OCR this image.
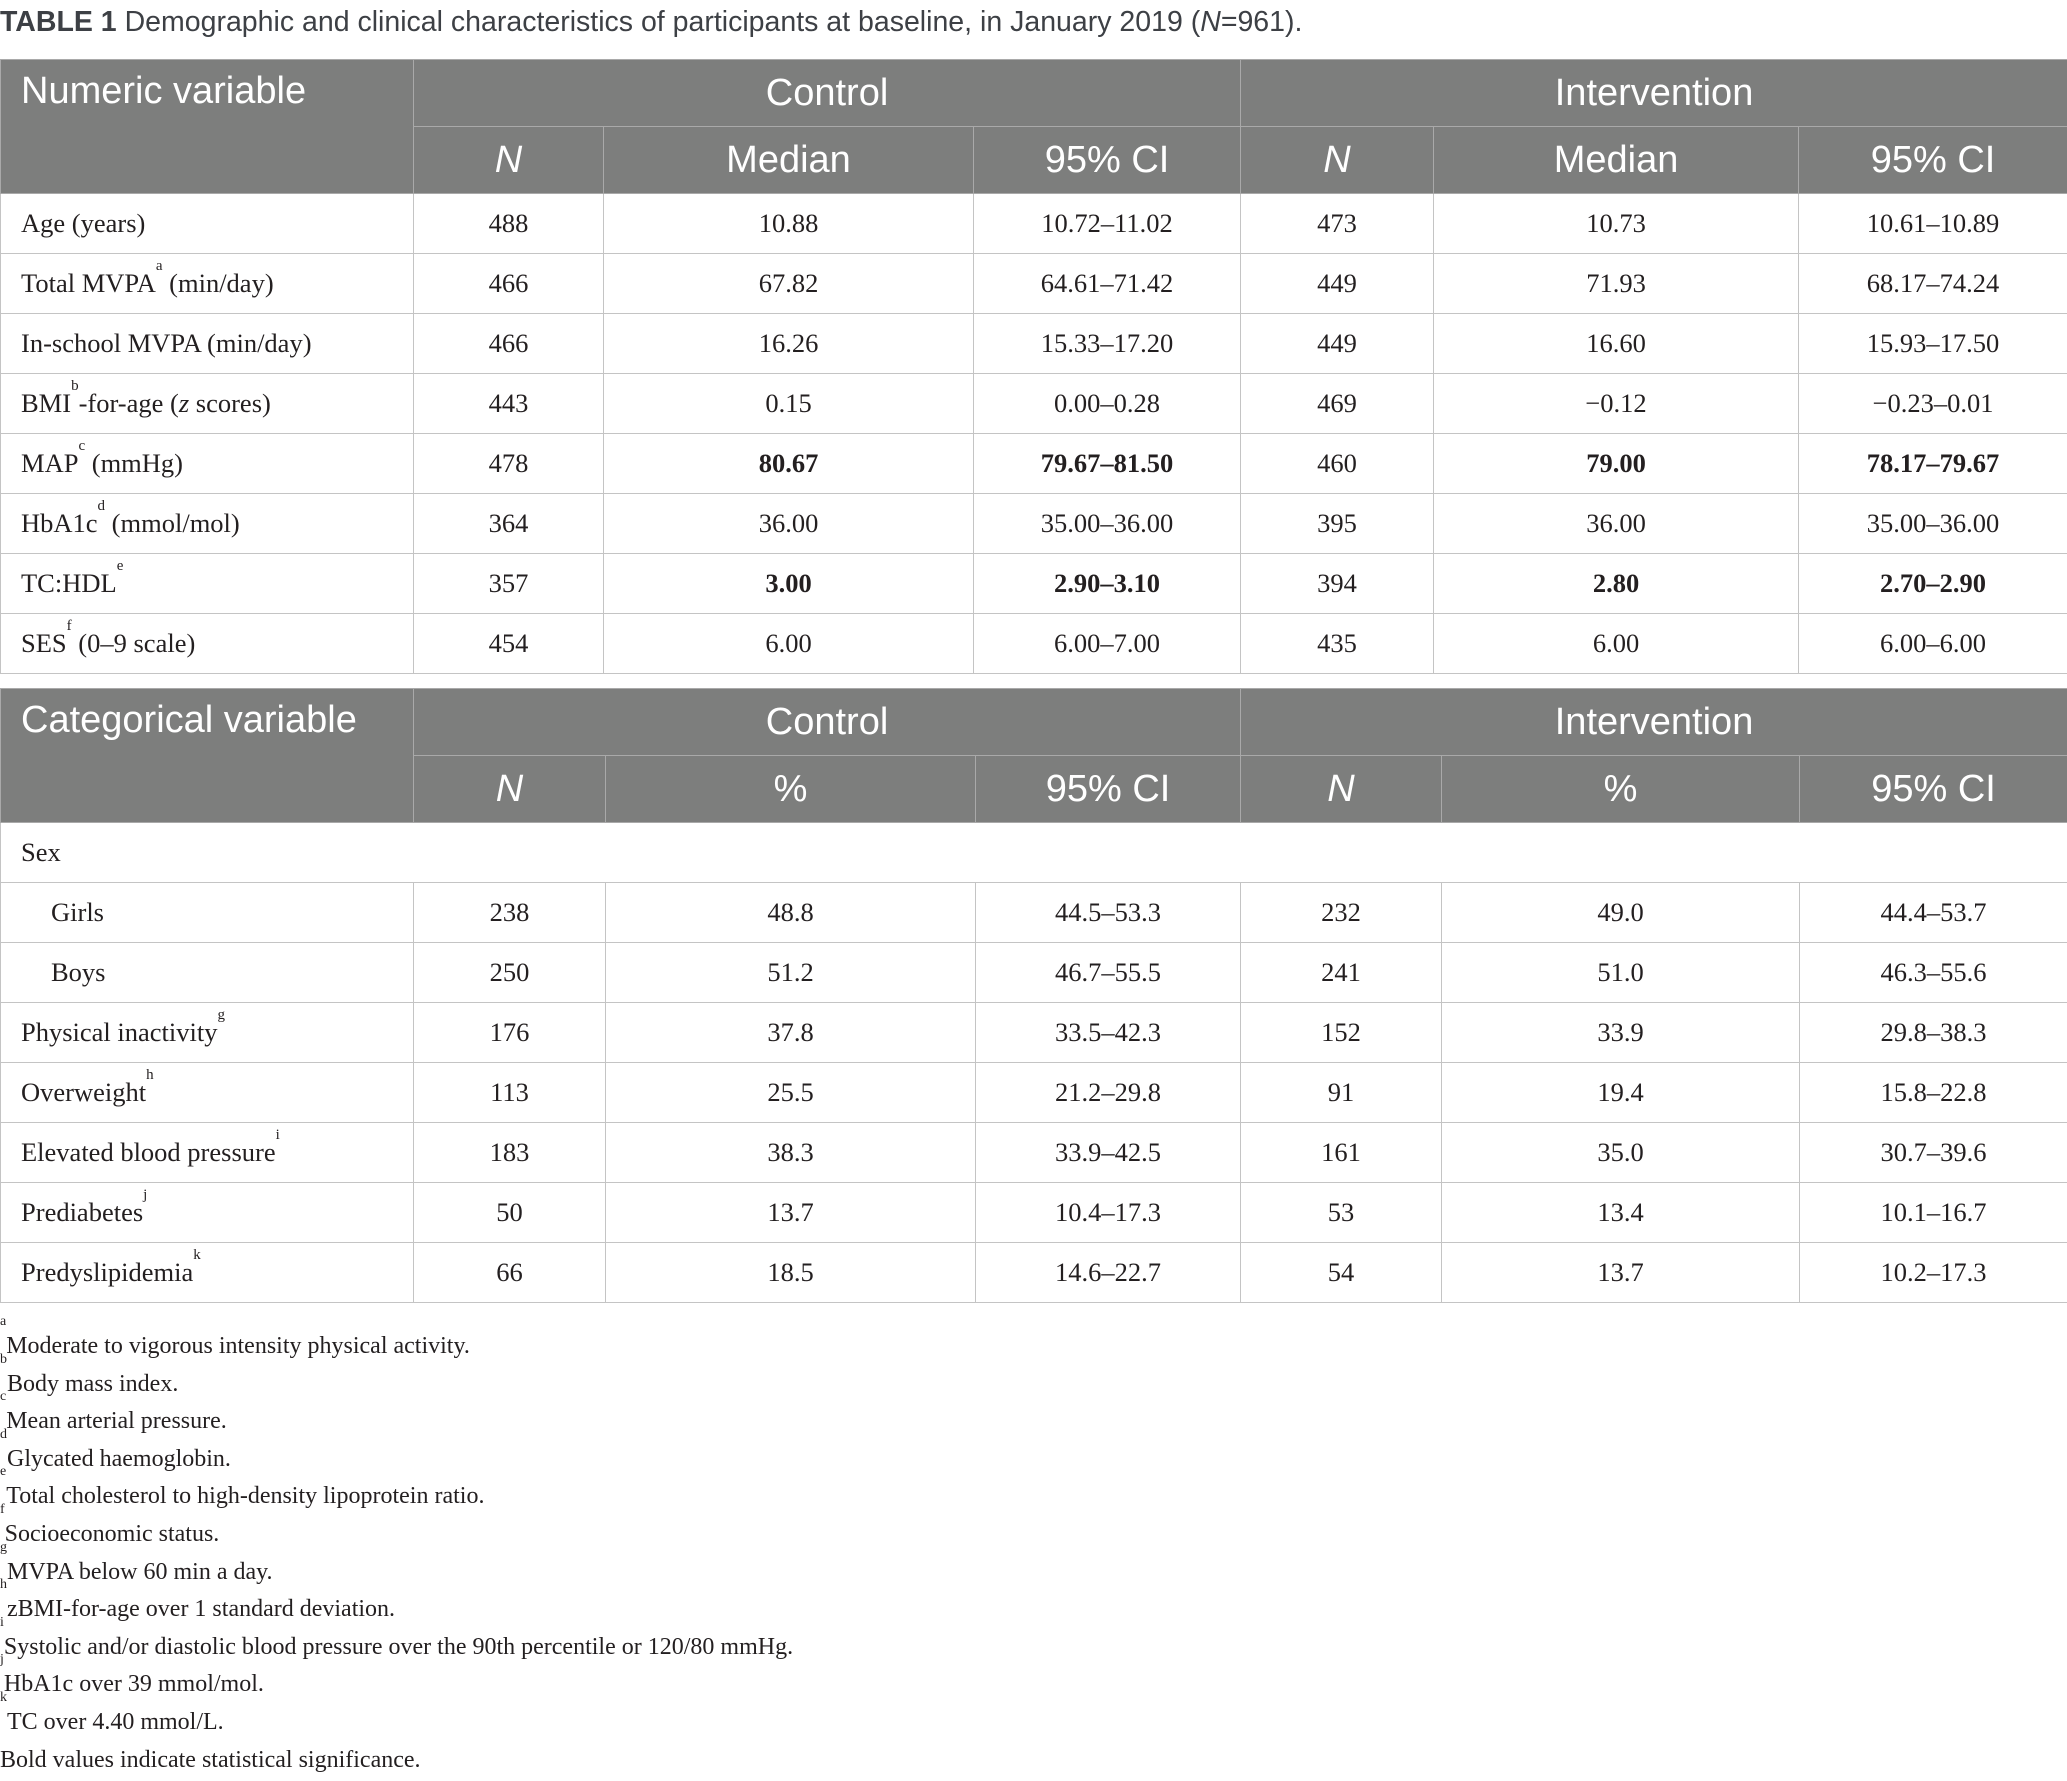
TABLE 1 Demographic and clinical characteristics of participants at baseline, in January 2019 (N=961).
Numeric variable	Control			Intervention		
	N	Median	95% CI	N	Median	95% CI
Age (years)	488	10.88	10.72–11.02	473	10.73	10.61–10.89
Total MVPA$^a$ (min/day)	466	67.82	64.61–71.42	449	71.93	68.17–74.24
In-school MVPA (min/day)	466	16.26	15.33–17.20	449	16.60	15.93–17.50
BMI$^b$-for-age (z scores)	443	0.15	0.00–0.28	469	−0.12	−0.23–0.01
MAP$^c$ (mmHg)	478	80.67	79.67–81.50	460	79.00	78.17–79.67
$HbA1c^d$ (mmol/mol)	364	36.00	35.00–36.00	395	36.00	35.00–36.00
TC:HDL$^e$	357	3.00	2.90–3.10	394	2.80	2.70–2.90
SES$^f$ (0–9 scale)	454	6.00	6.00–7.00	435	6.00	6.00–6.00
Categorical variable	Control			Intervention		
	N	%	95% CI	N	%	95% CI
Sex						
Girls	238	48.8	44.5–53.3	232	49.0	44.4–53.7
Boys	250	51.2	46.7–55.5	241	51.0	46.3–55.6
Physical inactivity$^g$	176	37.8	33.5–42.3	152	33.9	29.8–38.3
Overweight$^h$	113	25.5	21.2–29.8	91	19.4	15.8–22.8
Elevated blood pressure$^i$	183	38.3	33.9–42.5	161	35.0	30.7–39.6
Prediabetes$^j$	50	13.7	10.4–17.3	53	13.4	10.1–16.7
Predyslipidemia$^k$	66	18.5	14.6–22.7	54	13.7	10.2–17.3
$^a$Moderate to vigorous intensity physical activity.
$^b$Body mass index.
$^c$Mean arterial pressure.
$^d$Glycated haemoglobin.
$^e$Total cholesterol to high-density lipoprotein ratio.
$^f$Socioeconomic status.
$^g$MVPA below 60 min a day.
$^h$zBMI-for-age over 1 standard deviation.
$^i$Systolic and/or diastolic blood pressure over the 90th percentile or 120/80 mmHg.
$^j$HbA1c over 39 mmol/mol.
$^k$TC over 4.40 mmol/L.
Bold values indicate statistical significance.
